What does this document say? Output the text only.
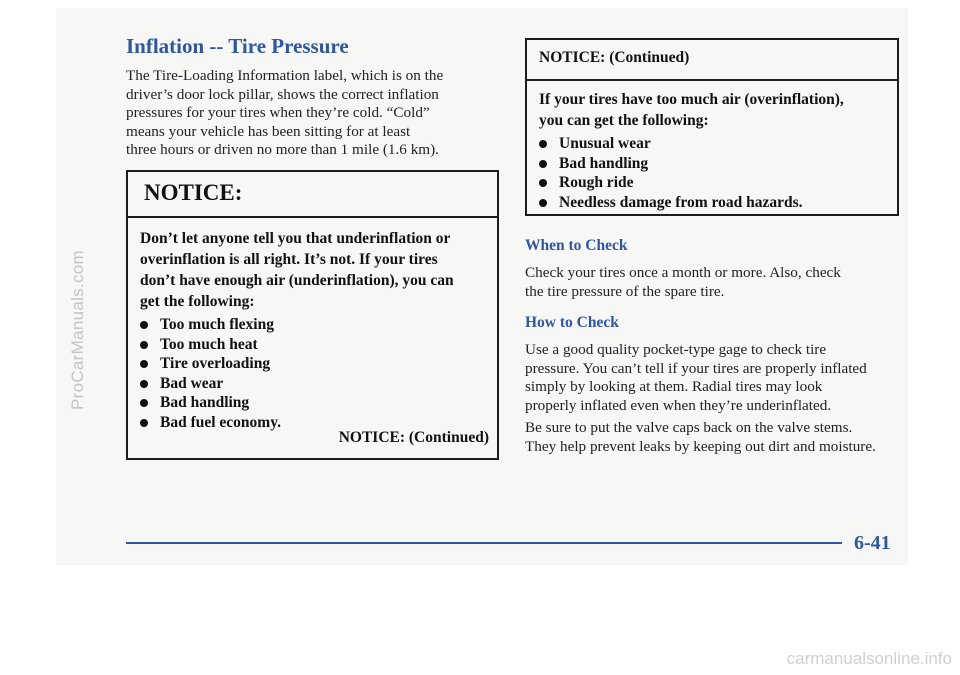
ProCarManuals.com
Inflation -- Tire Pressure
The Tire-Loading Information label, which is on the
driver’s door lock pillar, shows the correct inflation
pressures for your tires when they’re cold. “Cold”
means your vehicle has been sitting for at least
three hours or driven no more than 1 mile (1.6 km).
NOTICE:
Don’t let anyone tell you that underinflation or
overinflation is all right. It’s not. If your tires
don’t have enough air (underinflation), you can
get the following:
Too much flexing
Too much heat
Tire overloading
Bad wear
Bad handling
Bad fuel economy.
NOTICE: (Continued)
NOTICE: (Continued)
If your tires have too much air (overinflation),
you can get the following:
Unusual wear
Bad handling
Rough ride
Needless damage from road hazards.
When to Check
Check your tires once a month or more. Also, check
the tire pressure of the spare tire.
How to Check
Use a good quality pocket-type gage to check tire
pressure. You can’t tell if your tires are properly inflated
simply by looking at them. Radial tires may look
properly inflated even when they’re underinflated.
Be sure to put the valve caps back on the valve stems.
They help prevent leaks by keeping out dirt and moisture.
6-41
carmanualsonline.info
